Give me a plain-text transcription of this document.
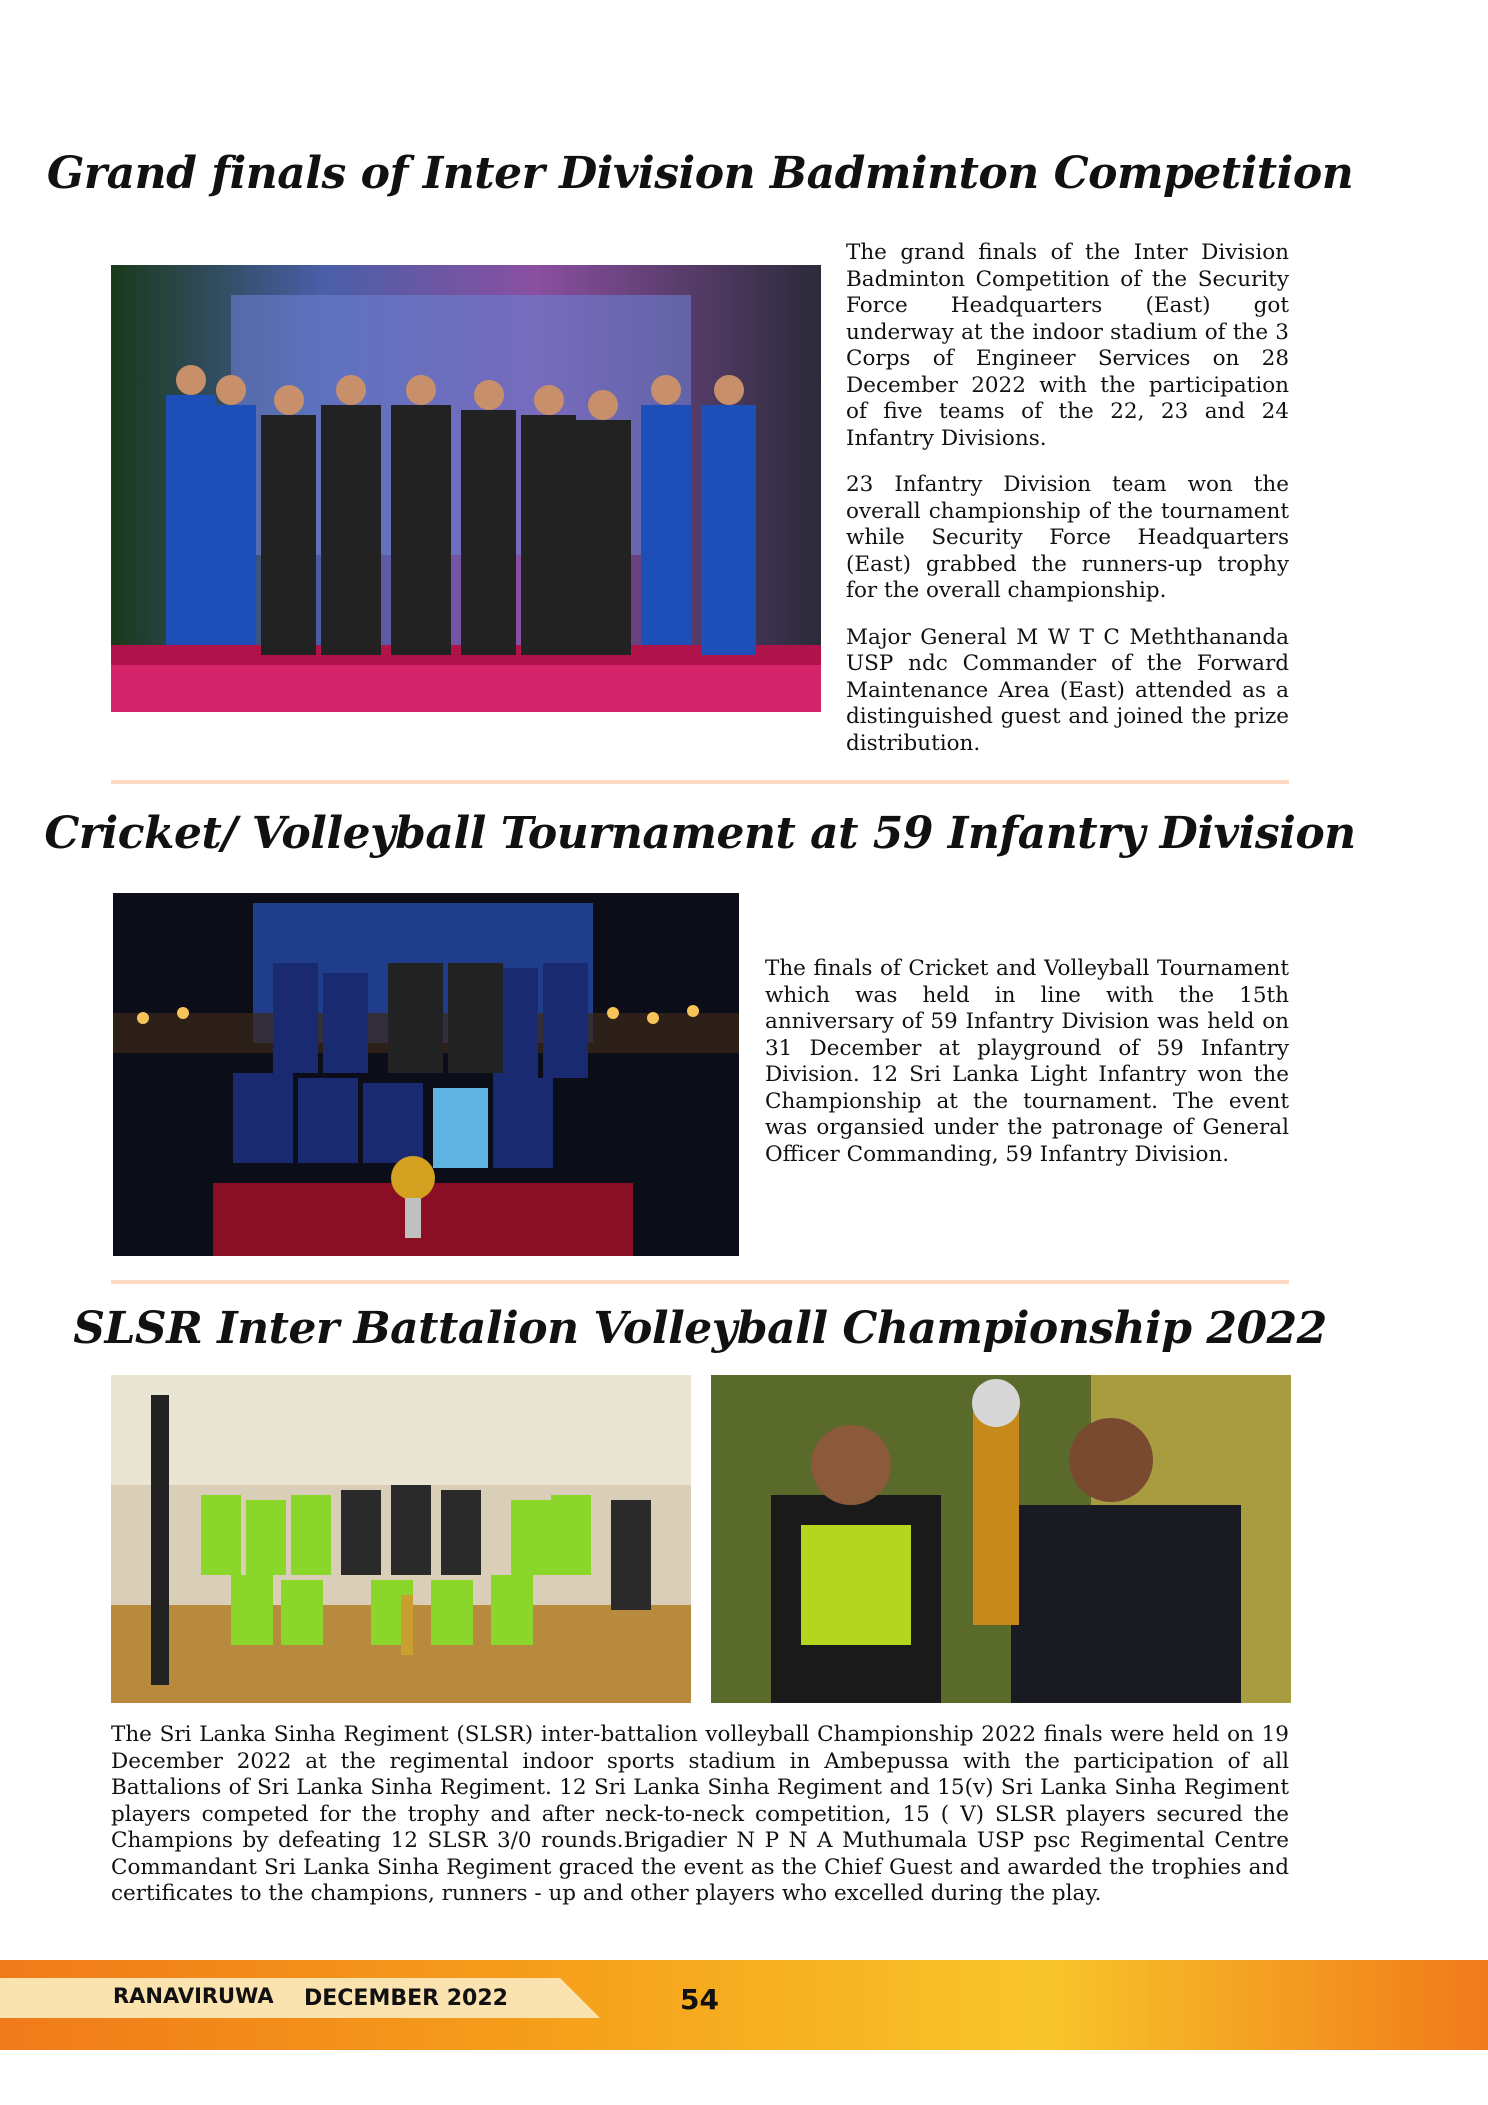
Grand finals of Inter Division Badminton Competition

The grand finals of the Inter Division Badminton Competition of the Security Force Headquarters (East) got underway at the indoor stadium of the 3 Corps of Engineer Services on 28 December 2022 with the participation of five teams of the 22, 23 and 24 Infantry Divisions.

23 Infantry Division team won the overall championship of the tournament while Security Force Headquarters (East) grabbed the runners-up trophy for the overall championship.

Major General M W T C Meththananda USP ndc Commander of the Forward Maintenance Area (East) attended as a distinguished guest and joined the prize distribution.

Cricket/ Volleyball Tournament at 59 Infantry Division

The finals of Cricket and Volleyball Tournament which was held in line with the 15th anniversary of 59 Infantry Division was held on 31 December at playground of 59 Infantry Division. 12 Sri Lanka Light Infantry won the Championship at the tournament. The event was organsied under the patronage of General Officer Commanding, 59 Infantry Division.

SLSR Inter Battalion Volleyball Championship 2022

The Sri Lanka Sinha Regiment (SLSR) inter-battalion volleyball Championship 2022 finals were held on 19 December 2022 at the regimental indoor sports stadium in Ambepussa with the participation of all Battalions of Sri Lanka Sinha Regiment. 12 Sri Lanka Sinha Regiment and 15(v) Sri Lanka Sinha Regiment players competed for the trophy and after neck-to-neck competition, 15 ( V) SLSR players secured the Champions by defeating 12 SLSR 3/0 rounds.Brigadier N P N A Muthumala USP psc Regimental Centre Commandant Sri Lanka Sinha Regiment graced the event as the Chief Guest and awarded the trophies and certificates to the champions, runners - up and other players who excelled during the play.

RANAVIRUWA DECEMBER 2022	54
